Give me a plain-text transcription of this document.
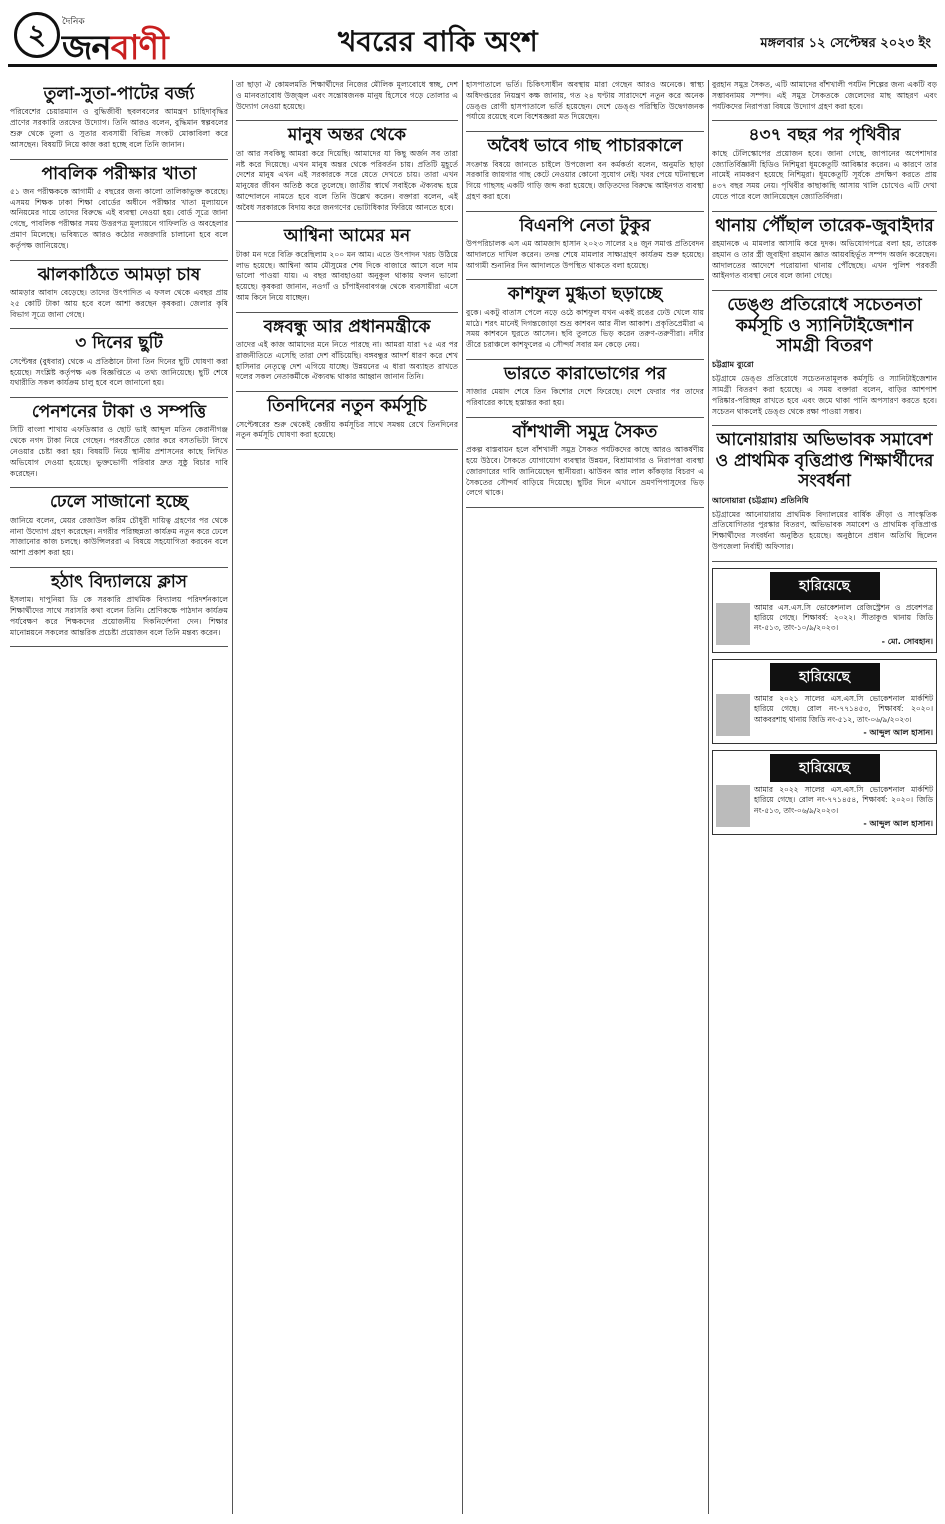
২	দৈনিক
জনবাণী	খবরের বাকি অংশ	মঙ্গলবার ১২ সেপ্টেম্বর ২০২৩ ইং
তুলা-সুতা-পাটের বর্জ্য

পরিবেশের চেয়ারম্যান ও বুদ্ধিজীবী ছবলবলের আমন্ত্রণ চাহিদাবৃদ্ধির প্রাণের সরকারি তরফের উদ্যোগ। তিনি আরও বলেন, বুদ্ধিমান স্বল্পবলের শুরু থেকে তুলা ও সুতার ব্যবসায়ী বিভিন্ন সংকট মোকাবিলা করে আসছেন। বিষয়টি নিয়ে কাজ করা হচ্ছে বলে তিনি জানান।

পাবলিক পরীক্ষার খাতা

৫১ জন পরীক্ষককে আগামী ৫ বছরের জন্য কালো তালিকাভুক্ত করেছে। এসময় শিক্ষক ঢাকা শিক্ষা বোর্ডের অধীনে পরীক্ষার খাতা মূল্যায়নে অনিয়মের দায়ে তাদের বিরুদ্ধে এই ব্যবস্থা নেওয়া হয়। বোর্ড সূত্রে জানা গেছে, পাবলিক পরীক্ষার সময় উত্তরপত্র মূল্যায়নে গাফিলতি ও অবহেলার প্রমাণ মিলেছে। ভবিষ্যতে আরও কঠোর নজরদারি চালানো হবে বলে কর্তৃপক্ষ জানিয়েছে।

ঝালকাঠিতে আমড়া চাষ

আমড়ার আবাদ বেড়েছে। তাদের উৎপাদিত এ ফসল থেকে এবছর প্রায় ২৫ কোটি টাকা আয় হবে বলে আশা করছেন কৃষকরা। জেলার কৃষি বিভাগ সূত্রে জানা গেছে।

৩ দিনের ছুটি

সেপ্টেম্বর (বুধবার) থেকে এ প্রতিষ্ঠানে টানা তিন দিনের ছুটি ঘোষণা করা হয়েছে। সংশ্লিষ্ট কর্তৃপক্ষ এক বিজ্ঞপ্তিতে এ তথ্য জানিয়েছে। ছুটি শেষে যথারীতি সকল কার্যক্রম চালু হবে বলে জানানো হয়।

পেনশনের টাকা ও সম্পত্তি

সিটি বাংলা শাখায় এফডিআর ও ছোট ভাই আব্দুল মতিন কেরানীগঞ্জ থেকে নগদ টাকা নিয়ে গেছেন। পরবর্তীতে জোর করে বসতভিটা লিখে নেওয়ার চেষ্টা করা হয়। বিষয়টি নিয়ে স্থানীয় প্রশাসনের কাছে লিখিত অভিযোগ দেওয়া হয়েছে। ভুক্তভোগী পরিবার দ্রুত সুষ্ঠু বিচার দাবি করেছেন।

ঢেলে সাজানো হচ্ছে

জানিয়ে বলেন, মেয়র রেজাউল করিম চৌধুরী দায়িত্ব গ্রহণের পর থেকে নানা উদ্যোগ গ্রহণ করেছেন। নগরীর পরিচ্ছন্নতা কার্যক্রম নতুন করে ঢেলে সাজানোর কাজ চলছে। কাউন্সিলররা এ বিষয়ে সহযোগিতা করবেন বলে আশা প্রকাশ করা হয়।

হঠাৎ বিদ্যালয়ে ক্লাস

ইসলাম। দাপুনিয়া ডি কে সরকারি প্রাথমিক বিদ্যালয় পরিদর্শনকালে শিক্ষার্থীদের সাথে সরাসরি কথা বলেন তিনি। শ্রেণিকক্ষে পাঠদান কার্যক্রম পর্যবেক্ষণ করে শিক্ষকদের প্রয়োজনীয় দিকনির্দেশনা দেন। শিক্ষার মানোন্নয়নে সকলের আন্তরিক প্রচেষ্টা প্রয়োজন বলে তিনি মন্তব্য করেন।

তা ছাড়া ঐ কোমলমতি শিক্ষার্থীদের নিজের মৌলিক মূল্যবোধে স্বচ্ছ, দেশ ও মানবতাবোধ উজ্জ্বল এবং সন্তোষজনক মানুষ হিসেবে গড়ে তোলার এ উদ্যোগ নেওয়া হয়েছে।

মানুষ অন্তর থেকে

তা আর সবকিছু আমরা করে দিয়েছি। আমাদের যা কিছু অর্জন সব তারা নষ্ট করে দিয়েছে। এখন মানুষ অন্তর থেকে পরিবর্তন চায়। প্রতিটি মুহূর্তে দেশের মানুষ এখন এই সরকারকে সরে যেতে দেখতে চায়। তারা এখন মানুষের জীবন অতিষ্ঠ করে তুলেছে। জাতীয় স্বার্থে সবাইকে ঐক্যবদ্ধ হয়ে আন্দোলনে নামতে হবে বলে তিনি উল্লেখ করেন। বক্তারা বলেন, এই অবৈধ সরকারকে বিদায় করে জনগণের ভোটাধিকার ফিরিয়ে আনতে হবে।

আশ্বিনা আমের মন

টাকা মন দরে বিক্রি করেছিলাম ২০০ মন আম। এতে উৎপাদন খরচ উঠিয়ে লাভ হয়েছে। আশ্বিনা আম মৌসুমের শেষ দিকে বাজারে আসে বলে দাম ভালো পাওয়া যায়। এ বছর আবহাওয়া অনুকূল থাকায় ফলন ভালো হয়েছে। কৃষকরা জানান, নওগাঁ ও চাঁপাইনবাবগঞ্জ থেকে ব্যবসায়ীরা এসে আম কিনে নিয়ে যাচ্ছেন।

বঙ্গবন্ধু আর প্রধানমন্ত্রীকে

তাদের এই কাজ আমাদের মনে নিতে পারছে না। আমরা যারা ৭৫ এর পর রাজনীতিতে এসেছি তারা দেশ বাঁচিয়েছি। বঙ্গবন্ধুর আদর্শ ধারণ করে শেখ হাসিনার নেতৃত্বে দেশ এগিয়ে যাচ্ছে। উন্নয়নের এ ধারা অব্যাহত রাখতে দলের সকল নেতাকর্মীকে ঐক্যবদ্ধ থাকার আহ্বান জানান তিনি।

তিনদিনের নতুন কর্মসূচি

সেপ্টেম্বরের শুরু থেকেই কেন্দ্রীয় কর্মসূচির সাথে সমন্বয় রেখে তিনদিনের নতুন কর্মসূচি ঘোষণা করা হয়েছে।

হাসপাতালে ভর্তি। চিকিৎসাধীন অবস্থায় মারা গেছেন আরও অনেকে। স্বাস্থ্য অধিদপ্তরের নিয়ন্ত্রণ কক্ষ জানায়, গত ২৪ ঘণ্টায় সারাদেশে নতুন করে অনেক ডেঙ্গু রোগী হাসপাতালে ভর্তি হয়েছেন। দেশে ডেঙ্গু পরিস্থিতি উদ্বেগজনক পর্যায়ে রয়েছে বলে বিশেষজ্ঞরা মত দিয়েছেন।

অবৈধ ভাবে গাছ পাচারকালে

সংক্রান্ত বিষয়ে জানতে চাইলে উপজেলা বন কর্মকর্তা বলেন, অনুমতি ছাড়া সরকারি জায়গার গাছ কেটে নেওয়ার কোনো সুযোগ নেই। খবর পেয়ে ঘটনাস্থলে গিয়ে গাছসহ একটি গাড়ি জব্দ করা হয়েছে। জড়িতদের বিরুদ্ধে আইনগত ব্যবস্থা গ্রহণ করা হবে।

বিএনপি নেতা টুকুর

উপপরিচালক এস এম আমজাদ হাসান ২০২৩ সালের ২৪ জুন সমাপ্ত প্রতিবেদন আদালতে দাখিল করেন। তদন্ত শেষে মামলার সাক্ষ্যগ্রহণ কার্যক্রম শুরু হয়েছে। আগামী শুনানির দিন আদালতে উপস্থিত থাকতে বলা হয়েছে।

কাশফুল মুগ্ধতা ছড়াচ্ছে

বুকে। একটু বাতাস পেলে নড়ে ওঠে কাশফুল যখন একই রঙের ঢেউ খেলে যায় মাঠে। শরৎ মানেই দিগন্তজোড়া শুভ্র কাশবন আর নীল আকাশ। প্রকৃতিপ্রেমীরা এ সময় কাশবনে ঘুরতে আসেন। ছবি তুলতে ভিড় করেন তরুণ-তরুণীরা। নদীর তীরে চরাঞ্চলে কাশফুলের এ সৌন্দর্য সবার মন কেড়ে নেয়।

ভারতে কারাভোগের পর

সাজার মেয়াদ শেষে তিন কিশোর দেশে ফিরেছে। দেশে ফেরার পর তাদের পরিবারের কাছে হস্তান্তর করা হয়।

বাঁশখালী সমুদ্র সৈকত

প্রকল্প বাস্তবায়ন হলে বাঁশখালী সমুদ্র সৈকত পর্যটকদের কাছে আরও আকর্ষণীয় হয়ে উঠবে। সৈকতে যোগাযোগ ব্যবস্থার উন্নয়ন, বিশ্রামাগার ও নিরাপত্তা ব্যবস্থা জোরদারের দাবি জানিয়েছেন স্থানীয়রা। ঝাউবন আর লাল কাঁকড়ার বিচরণ এ সৈকতের সৌন্দর্য বাড়িয়ে দিয়েছে। ছুটির দিনে এখানে ভ্রমণপিপাসুদের ভিড় লেগে থাকে।

বুরহান সমুদ্র সৈকত, এটি আমাদের বাঁশখালী পর্যটন শিল্পের জন্য একটি বড় সম্ভাবনাময় সম্পদ। এই সমুদ্র সৈকতকে জেলেদের মাছ আহরণ এবং পর্যটকদের নিরাপত্তা বিষয়ে উদ্যোগ গ্রহণ করা হবে।

৪৩৭ বছর পর পৃথিবীর

কাছে টেলিস্কোপের প্রয়োজন হবে। জানা গেছে, জাপানের অপেশাদার জ্যোতির্বিজ্ঞানী হিডিও নিশিমুরা ধূমকেতুটি আবিষ্কার করেন। এ কারণে তার নামেই নামকরণ হয়েছে নিশিমুরা। ধূমকেতুটি সূর্যকে প্রদক্ষিণ করতে প্রায় ৪৩৭ বছর সময় নেয়। পৃথিবীর কাছাকাছি আসায় খালি চোখেও এটি দেখা যেতে পারে বলে জানিয়েছেন জ্যোতির্বিদরা।

থানায় পৌঁছাল তারেক-জুবাইদার

রহমানকে এ মামলার আসামি করে দুদক। অভিযোগপত্রে বলা হয়, তারেক রহমান ও তার স্ত্রী জুবাইদা রহমান জ্ঞাত আয়বহির্ভূত সম্পদ অর্জন করেছেন। আদালতের আদেশে পরোয়ানা থানায় পৌঁছেছে। এখন পুলিশ পরবর্তী আইনগত ব্যবস্থা নেবে বলে জানা গেছে।

ডেঙ্গু প্রতিরোধে সচেতনতা কর্মসূচি ও স্যানিটাইজেশান সামগ্রী বিতরণ
চট্টগ্রাম ব্যুরো

চট্টগ্রামে ডেঙ্গু প্রতিরোধে সচেতনতামূলক কর্মসূচি ও স্যানিটাইজেশান সামগ্রী বিতরণ করা হয়েছে। এ সময় বক্তারা বলেন, বাড়ির আশপাশ পরিষ্কার-পরিচ্ছন্ন রাখতে হবে এবং জমে থাকা পানি অপসারণ করতে হবে। সচেতন থাকলেই ডেঙ্গু থেকে রক্ষা পাওয়া সম্ভব।

আনোয়ারায় অভিভাবক সমাবেশ ও প্রাথমিক বৃত্তিপ্রাপ্ত শিক্ষার্থীদের সংবর্ধনা
আনোয়ারা (চট্টগ্রাম) প্রতিনিধি

চট্টগ্রামের আনোয়ারায় প্রাথমিক বিদ্যালয়ের বার্ষিক ক্রীড়া ও সাংস্কৃতিক প্রতিযোগিতার পুরস্কার বিতরণ, অভিভাবক সমাবেশ ও প্রাথমিক বৃত্তিপ্রাপ্ত শিক্ষার্থীদের সংবর্ধনা অনুষ্ঠিত হয়েছে। অনুষ্ঠানে প্রধান অতিথি ছিলেন উপজেলা নির্বাহী অফিসার।

হারিয়েছে
আমার এস.এস.সি ভোকেশনাল রেজিস্ট্রেশন ও প্রবেশপত্র হারিয়ে গেছে। শিক্ষাবর্ষ: ২০২২। সীতাকুণ্ড থানায় জিডি নং-৫১৩, তাং-১০/৯/২০২৩।
- মো. সোবহান।
হারিয়েছে
আমার ২০২১ সালের এস.এস.সি ভোকেশনাল মার্কশিট হারিয়ে গেছে। রোল নং-৭৭১৪৫৩, শিক্ষাবর্ষ: ২০২০। আকবরশাহ থানায় জিডি নং-৫১২, তাং-০৬/৯/২০২৩।
- আব্দুল আল হাসান।
হারিয়েছে
আমার ২০২২ সালের এস.এস.সি ভোকেশনাল মার্কশিট হারিয়ে গেছে। রোল নং-৭৭১৪৫৪, শিক্ষাবর্ষ: ২০২০। জিডি নং-৫১৩, তাং-০৬/৯/২০২৩।
- আব্দুল আল হাসান।
